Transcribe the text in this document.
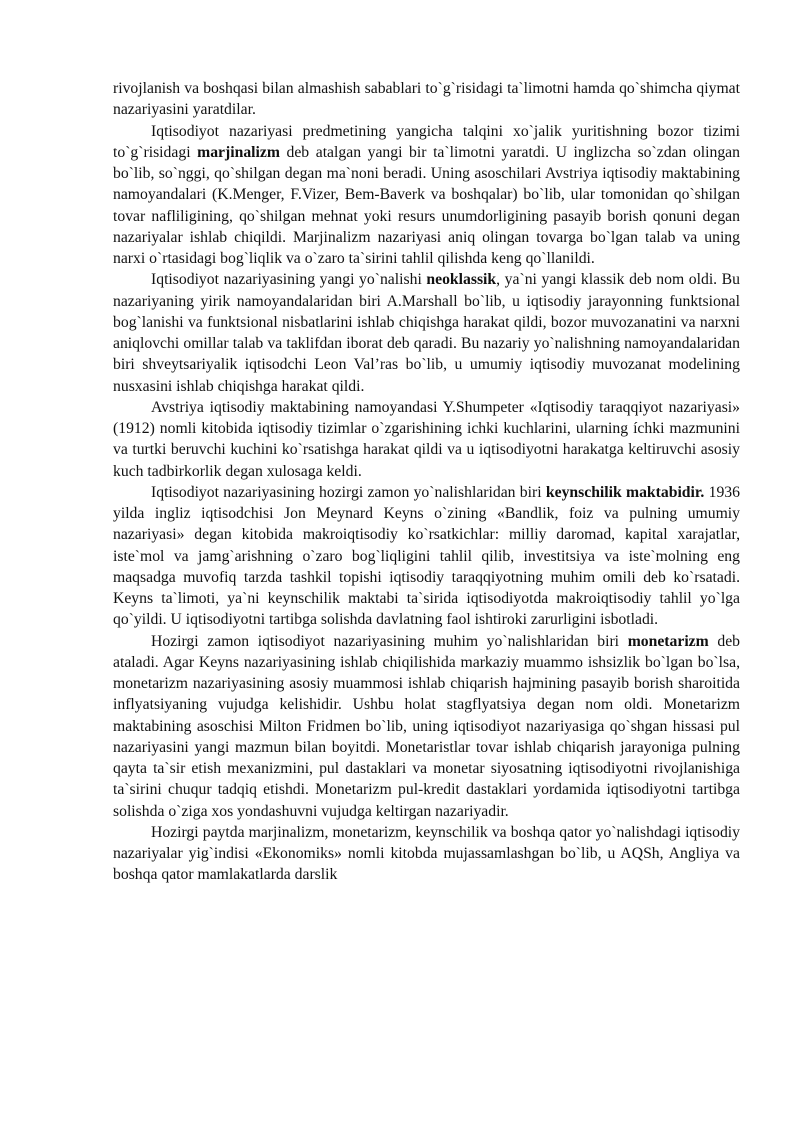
rivojlanish va boshqasi bilan almashish sabablari to`g`risidagi ta`limotni hamda qo`shimcha qiymat nazariyasini yaratdilar.

Iqtisodiyot nazariyasi predmetining yangicha talqini xo`jalik yuritishning bozor tizimi to`g`risidagi marjinalizm deb atalgan yangi bir ta`limotni yaratdi. U inglizcha so`zdan olingan bo`lib, so`nggi, qo`shilgan degan ma`noni beradi. Uning asoschilari Avstriya iqtisodiy maktabining namoyandalari (K.Menger, F.Vizer, Bem-Baverk va boshqalar) bo`lib, ular tomonidan qo`shilgan tovar nafliligining, qo`shilgan mehnat yoki resurs unumdorligining pasayib borish qonuni degan nazariyalar ishlab chiqildi. Marjinalizm nazariyasi aniq olingan tovarga bo`lgan talab va uning narxi o`rtasidagi bog`liqlik va o`zaro ta`sirini tahlil qilishda keng qo`llanildi.

Iqtisodiyot nazariyasining yangi yo`nalishi neoklassik, ya`ni yangi klassik deb nom oldi. Bu nazariyaning yirik namoyandalaridan biri A.Marshall bo`lib, u iqtisodiy jarayonning funktsional bog`lanishi va funktsional nisbatlarini ishlab chiqishga harakat qildi, bozor muvozanatini va narxni aniqlovchi omillar talab va taklifdan iborat deb qaradi. Bu nazariy yo`nalishning namoyandalaridan biri shveytsariyalik iqtisodchi Leon Val’ras bo`lib, u umumiy iqtisodiy muvozanat modelining nusxasini ishlab chiqishga harakat qildi.

Avstriya iqtisodiy maktabining namoyandasi Y.Shumpeter «Iqtisodiy taraqqiyot nazariyasi» (1912) nomli kitobida iqtisodiy tizimlar o`zgarishining ichki kuchlarini, ularning íchki mazmunini va turtki beruvchi kuchini ko`rsatishga harakat qildi va u iqtisodiyotni harakatga keltiruvchi asosiy kuch tadbirkorlik degan xulosaga keldi.

Iqtisodiyot nazariyasining hozirgi zamon yo`nalishlaridan biri keynschilik maktabidir. 1936 yilda ingliz iqtisodchisi Jon Meynard Keyns o`zining «Bandlik, foiz va pulning umumiy nazariyasi» degan kitobida makroiqtisodiy ko`rsatkichlar: milliy daromad, kapital xarajatlar, iste`mol va jamg`arishning o`zaro bog`liqligini tahlil qilib, investitsiya va iste`molning eng maqsadga muvofiq tarzda tashkil topishi iqtisodiy taraqqiyotning muhim omili deb ko`rsatadi. Keyns ta`limoti, ya`ni keynschilik maktabi ta`sirida iqtisodiyotda makroiqtisodiy tahlil yo`lga qo`yildi. U iqtisodiyotni tartibga solishda davlatning faol ishtiroki zarurligini isbotladi.

Hozirgi zamon iqtisodiyot nazariyasining muhim yo`nalishlaridan biri monetarizm deb ataladi. Agar Keyns nazariyasining ishlab chiqilishida markaziy muammo ishsizlik bo`lgan bo`lsa, monetarizm nazariyasining asosiy muammosi ishlab chiqarish hajmining pasayib borish sharoitida inflyatsiyaning vujudga kelishidir. Ushbu holat stagflyatsiya degan nom oldi. Monetarizm maktabining asoschisi Milton Fridmen bo`lib, uning iqtisodiyot nazariyasiga qo`shgan hissasi pul nazariyasini yangi mazmun bilan boyitdi. Monetaristlar tovar ishlab chiqarish jarayoniga pulning qayta ta`sir etish mexanizmini, pul dastaklari va monetar siyosatning iqtisodiyotni rivojlanishiga ta`sirini chuqur tadqiq etishdi. Monetarizm pul-kredit dastaklari yordamida iqtisodiyotni tartibga solishda o`ziga xos yondashuvni vujudga keltirgan nazariyadir.

Hozirgi paytda marjinalizm, monetarizm, keynschilik va boshqa qator yo`nalishdagi iqtisodiy nazariyalar yig`indisi «Ekonomiks» nomli kitobda mujassamlashgan bo`lib, u AQSh, Angliya va boshqa qator mamlakatlarda darslik
